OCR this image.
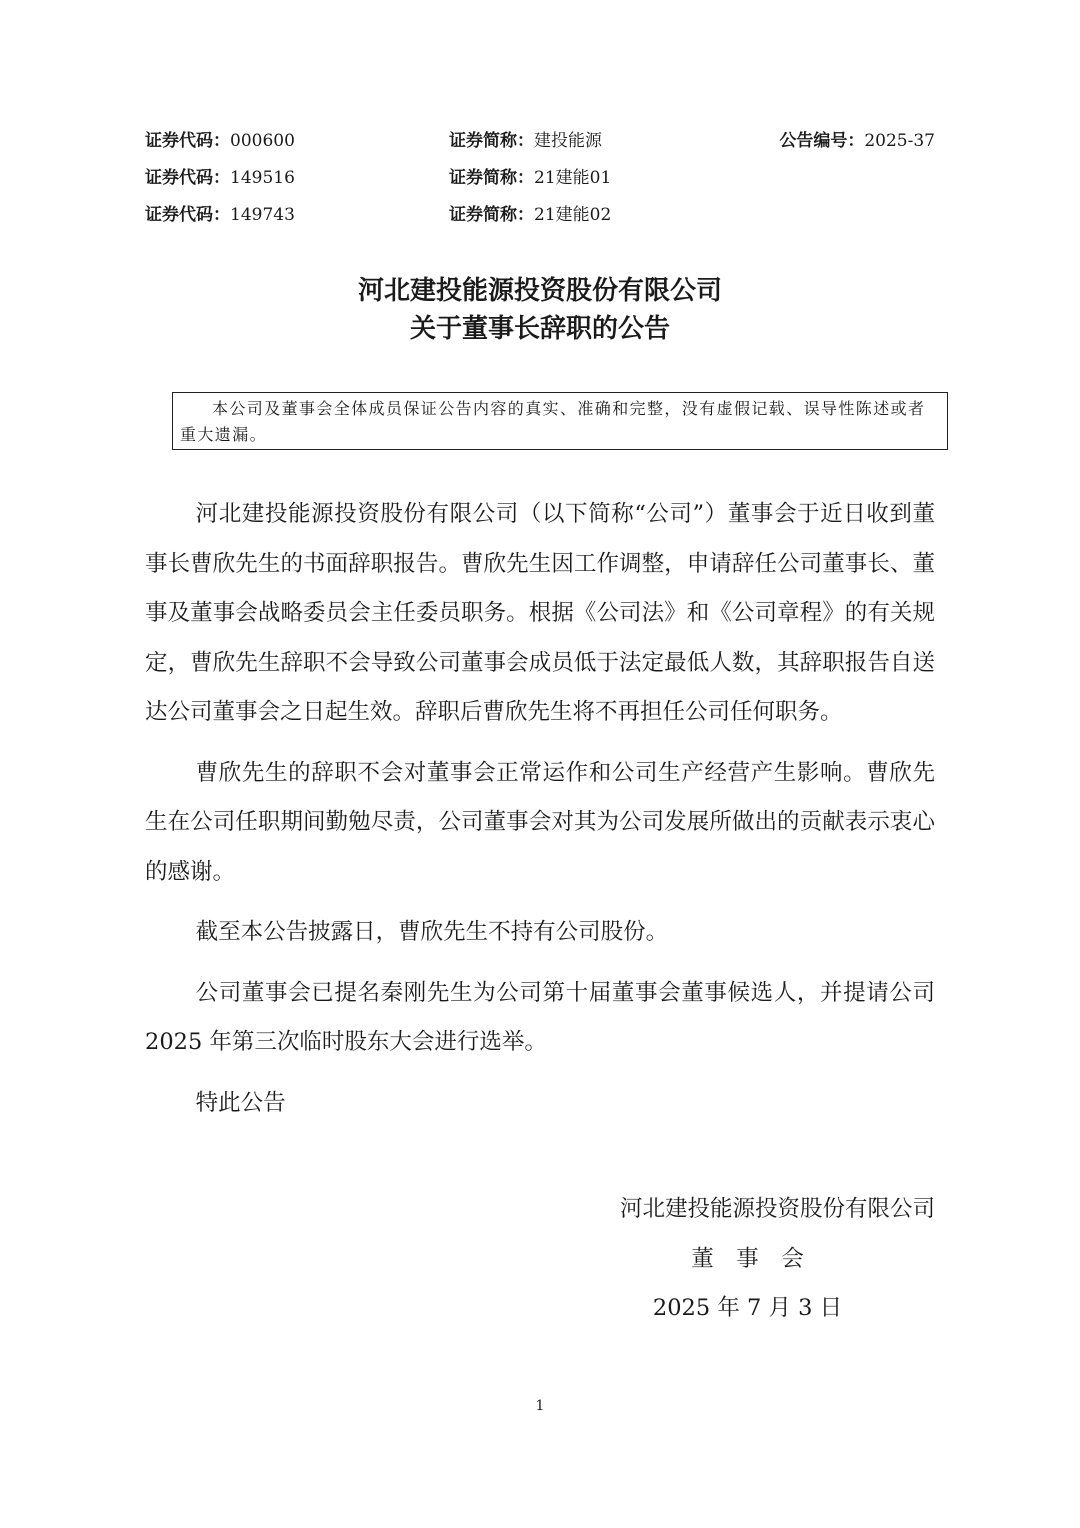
证券代码：000600	证券简称：建投能源	公告编号：2025-37
证券代码：149516	证券简称：21建能01
证券代码：149743	证券简称：21建能02
河北建投能源投资股份有限公司
关于董事长辞职的公告
本公司及董事会全体成员保证公告内容的真实、准确和完整，没有虚假记载、误导性陈述或者重大遗漏。

河北建投能源投资股份有限公司（以下简称“公司”）董事会于近日收到董事长曹欣先生的书面辞职报告。曹欣先生因工作调整，申请辞任公司董事长、董事及董事会战略委员会主任委员职务。根据《公司法》和《公司章程》的有关规定，曹欣先生辞职不会导致公司董事会成员低于法定最低人数，其辞职报告自送达公司董事会之日起生效。辞职后曹欣先生将不再担任公司任何职务。

曹欣先生的辞职不会对董事会正常运作和公司生产经营产生影响。曹欣先生在公司任职期间勤勉尽责，公司董事会对其为公司发展所做出的贡献表示衷心的感谢。

截至本公告披露日，曹欣先生不持有公司股份。

公司董事会已提名秦刚先生为公司第十届董事会董事候选人，并提请公司 2025 年第三次临时股东大会进行选举。

特此公告

河北建投能源投资股份有限公司
董　事　会
2025 年 7 月 3 日
1
